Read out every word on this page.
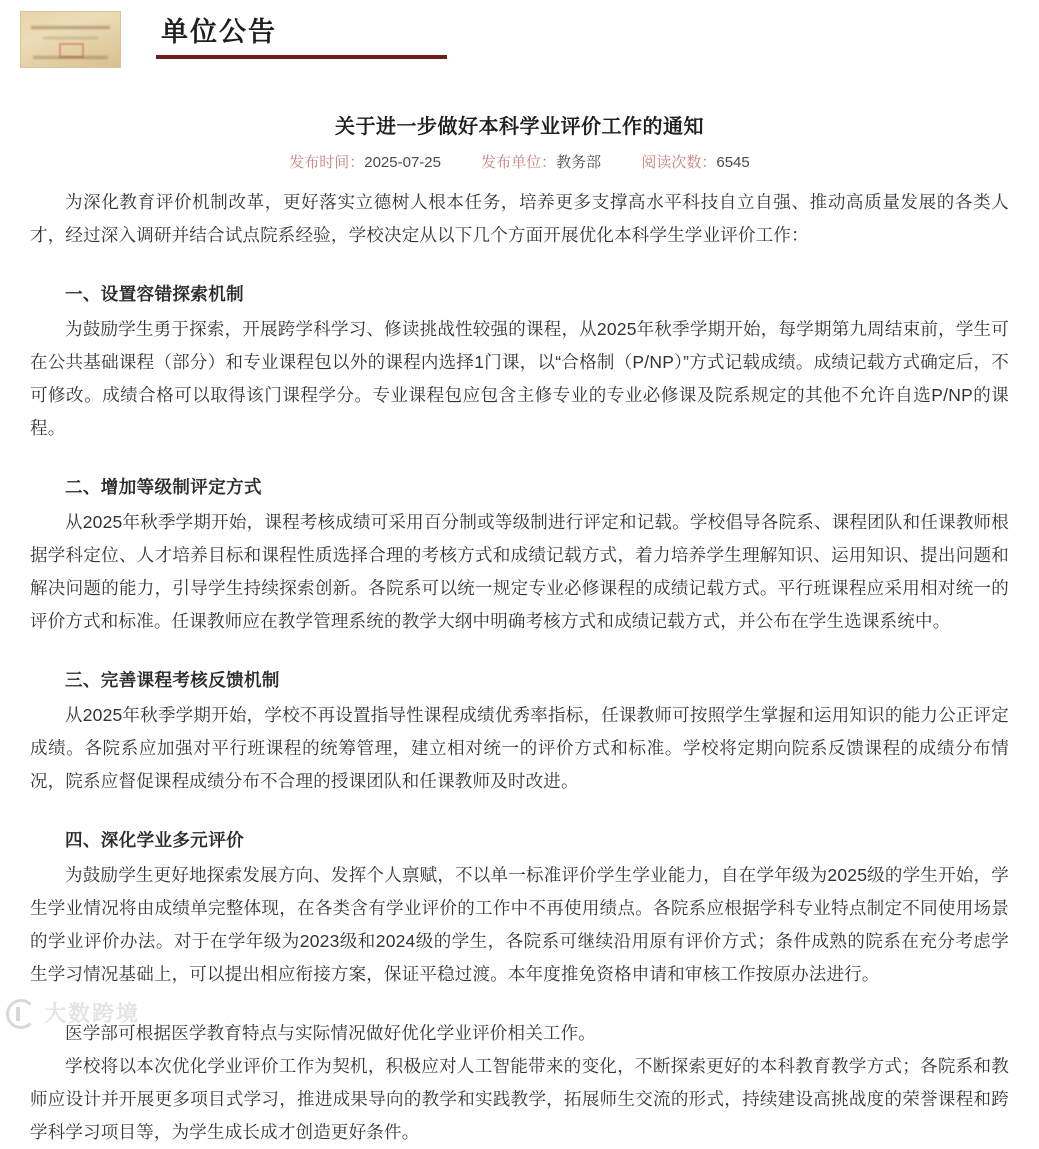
单位公告
关于进一步做好本科学业评价工作的通知
发布时间：2025-07-25	发布单位：教务部	阅读次数：6545

为深化教育评价机制改革，更好落实立德树人根本任务，培养更多支撑高水平科技自立自强、推动高质量发展的各类人才，经过深入调研并结合试点院系经验，学校决定从以下几个方面开展优化本科学生学业评价工作：

一、设置容错探索机制

为鼓励学生勇于探索，开展跨学科学习、修读挑战性较强的课程，从2025年秋季学期开始，每学期第九周结束前，学生可在公共基础课程（部分）和专业课程包以外的课程内选择1门课，以“合格制（P/NP）”方式记载成绩。成绩记载方式确定后，不可修改。成绩合格可以取得该门课程学分。专业课程包应包含主修专业的专业必修课及院系规定的其他不允许自选P/NP的课程。

二、增加等级制评定方式

从2025年秋季学期开始，课程考核成绩可采用百分制或等级制进行评定和记载。学校倡导各院系、课程团队和任课教师根据学科定位、人才培养目标和课程性质选择合理的考核方式和成绩记载方式，着力培养学生理解知识、运用知识、提出问题和解决问题的能力，引导学生持续探索创新。各院系可以统一规定专业必修课程的成绩记载方式。平行班课程应采用相对统一的评价方式和标准。任课教师应在教学管理系统的教学大纲中明确考核方式和成绩记载方式，并公布在学生选课系统中。

三、完善课程考核反馈机制

从2025年秋季学期开始，学校不再设置指导性课程成绩优秀率指标，任课教师可按照学生掌握和运用知识的能力公正评定成绩。各院系应加强对平行班课程的统筹管理，建立相对统一的评价方式和标准。学校将定期向院系反馈课程的成绩分布情况，院系应督促课程成绩分布不合理的授课团队和任课教师及时改进。

四、深化学业多元评价

为鼓励学生更好地探索发展方向、发挥个人禀赋，不以单一标准评价学生学业能力，自在学年级为2025级的学生开始，学生学业情况将由成绩单完整体现，在各类含有学业评价的工作中不再使用绩点。各院系应根据学科专业特点制定不同使用场景的学业评价办法。对于在学年级为2023级和2024级的学生，各院系可继续沿用原有评价方式；条件成熟的院系在充分考虑学生学习情况基础上，可以提出相应衔接方案，保证平稳过渡。本年度推免资格申请和审核工作按原办法进行。

医学部可根据医学教育特点与实际情况做好优化学业评价相关工作。

学校将以本次优化学业评价工作为契机，积极应对人工智能带来的变化，不断探索更好的本科教育教学方式；各院系和教师应设计并开展更多项目式学习，推进成果导向的教学和实践教学，拓展师生交流的形式，持续建设高挑战度的荣誉课程和跨学科学习项目等，为学生成长成才创造更好条件。

大数跨境
